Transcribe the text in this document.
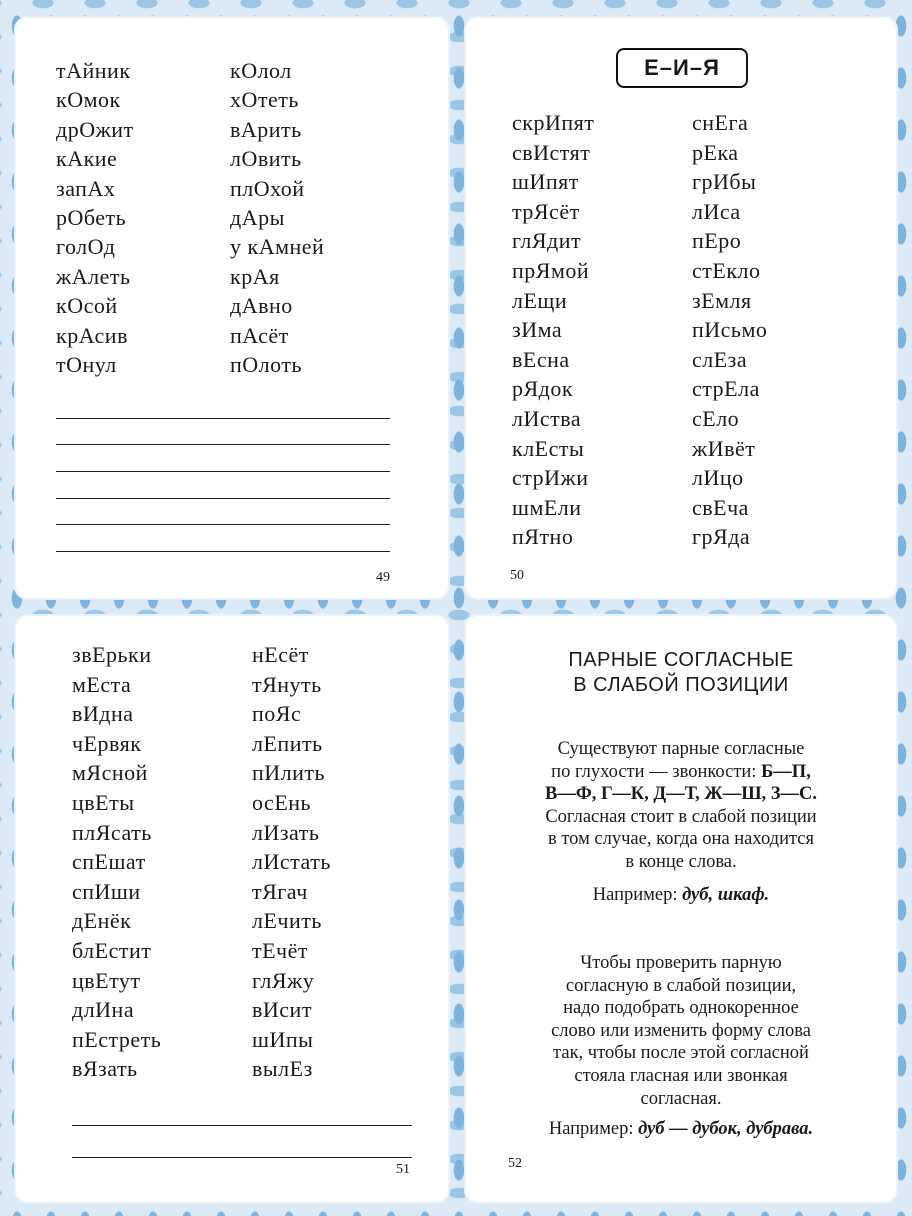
тАйник
кОмок
дрОжит
кАкие
запАх
рОбеть
голОд
жАлеть
кОсой
крАсив
тОнул
кОлол
хОтеть
вАрить
лОвить
плОхой
дАры
у кАмней
крАя
дАвно
пАсёт
пОлоть
49
Е–И–Я
скрИпят
свИстят
шИпят
трЯсёт
глЯдит
прЯмой
лЕщи
зИма
вЕсна
рЯдок
лИства
клЕсты
стрИжи
шмЕли
пЯтно
снЕга
рЕка
грИбы
лИса
пЕро
стЕкло
зЕмля
пИсьмо
слЕза
стрЕла
сЕло
жИвёт
лИцо
свЕча
грЯда
50
звЕрьки
мЕста
вИдна
чЕрвяк
мЯсной
цвЕты
плЯсать
спЕшат
спИши
дЕнёк
блЕстит
цвЕтут
длИна
пЕстреть
вЯзать
нЕсёт
тЯнуть
поЯс
лЕпить
пИлить
осЕнь
лИзать
лИстать
тЯгач
лЕчить
тЕчёт
глЯжу
вИсит
шИпы
вылЕз
51
ПАРНЫЕ СОГЛАСНЫЕ
В СЛАБОЙ ПОЗИЦИИ
Существуют парные согласные
по глухости — звонкости: Б—П,
В—Ф, Г—К, Д—Т, Ж—Ш, З—С.
Согласная стоит в слабой позиции
в том случае, когда она находится
в конце слова.
Например: дуб, шкаф.
Чтобы проверить парную
согласную в слабой позиции,
надо подобрать однокоренное
слово или изменить форму слова
так, чтобы после этой согласной
стояла гласная или звонкая
согласная.
Например: дуб — дубок, дубрава.
52
